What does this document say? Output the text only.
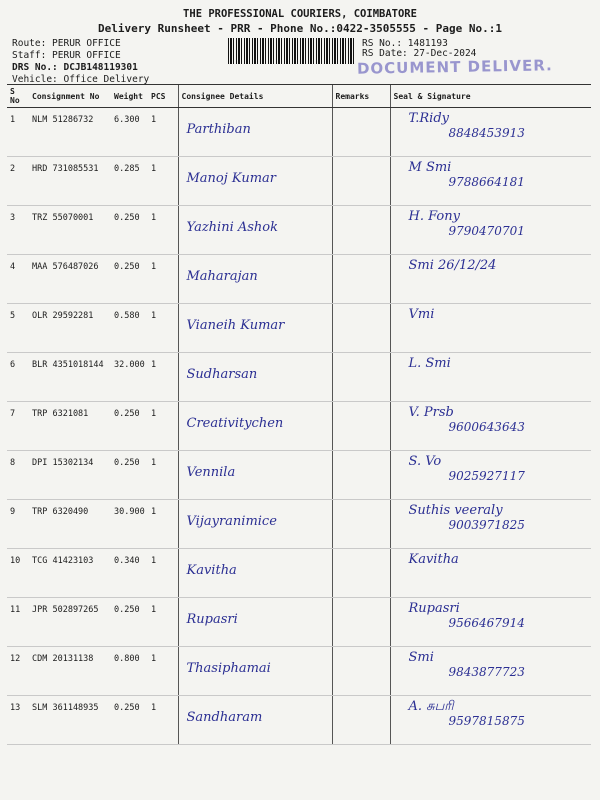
THE PROFESSIONAL COURIERS, COIMBATORE
Delivery Runsheet - PRR - Phone No.:0422-3505555 - Page No.:1
Route: PERUR OFFICE
Staff: PERUR OFFICE
DRS No.: DCJB148119301
Vehicle: Office Delivery
RS No.: 1481193
RS Date: 27-Dec-2024
DOCUMENT DELIVER.
S No	Consignment No	Weight	PCS	Consignee Details	Remarks	Seal & Signature
1	NLM 51286732	6.300	1	Parthiban		T.Ridy
8848453913

2	HRD 731085531	0.285	1	Manoj Kumar		M Smi
9788664181

3	TRZ 55070001	0.250	1	Yazhini Ashok		H. Fony
9790470701

4	MAA 576487026	0.250	1	Maharajan		Smi 26/12/24

5	OLR 29592281	0.580	1	Vianeih Kumar		Vmi

6	BLR 4351018144	32.000	1	Sudharsan		L. Smi

7	TRP 6321081	0.250	1	Creativitychen		V. Prsb
9600643643

8	DPI 15302134	0.250	1	Vennila		S. Vo
9025927117

9	TRP 6320490	30.900	1	Vijayranimice		Suthis veeraly
9003971825

10	TCG 41423103	0.340	1	Kavitha		Kavitha

11	JPR 502897265	0.250	1	Rupasri		Rupasri
9566467914

12	CDM 20131138	0.800	1	Thasiphamai		Smi
9843877723

13	SLM 361148935	0.250	1	Sandharam		A. சுபரி
9597815875
